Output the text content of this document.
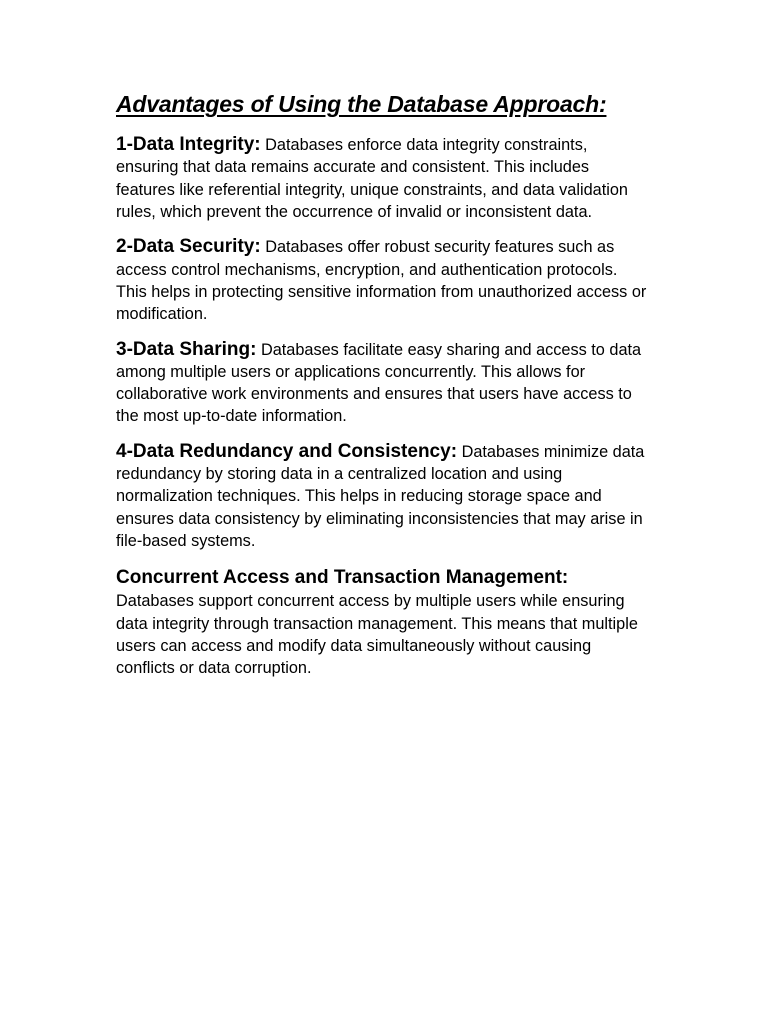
Advantages of Using the Database Approach:

1-Data Integrity: Databases enforce data integrity constraints, ensuring that data remains accurate and consistent. This includes features like referential integrity, unique constraints, and data validation rules, which prevent the occurrence of invalid or inconsistent data.

2-Data Security: Databases offer robust security features such as access control mechanisms, encryption, and authentication protocols. This helps in protecting sensitive information from unauthorized access or modification.

3-Data Sharing: Databases facilitate easy sharing and access to data among multiple users or applications concurrently. This allows for collaborative work environments and ensures that users have access to the most up-to-date information.

4-Data Redundancy and Consistency: Databases minimize data redundancy by storing data in a centralized location and using normalization techniques. This helps in reducing storage space and ensures data consistency by eliminating inconsistencies that may arise in file-based systems.

Concurrent Access and Transaction Management:
Databases support concurrent access by multiple users while ensuring data integrity through transaction management. This means that multiple users can access and modify data simultaneously without causing conflicts or data corruption.
